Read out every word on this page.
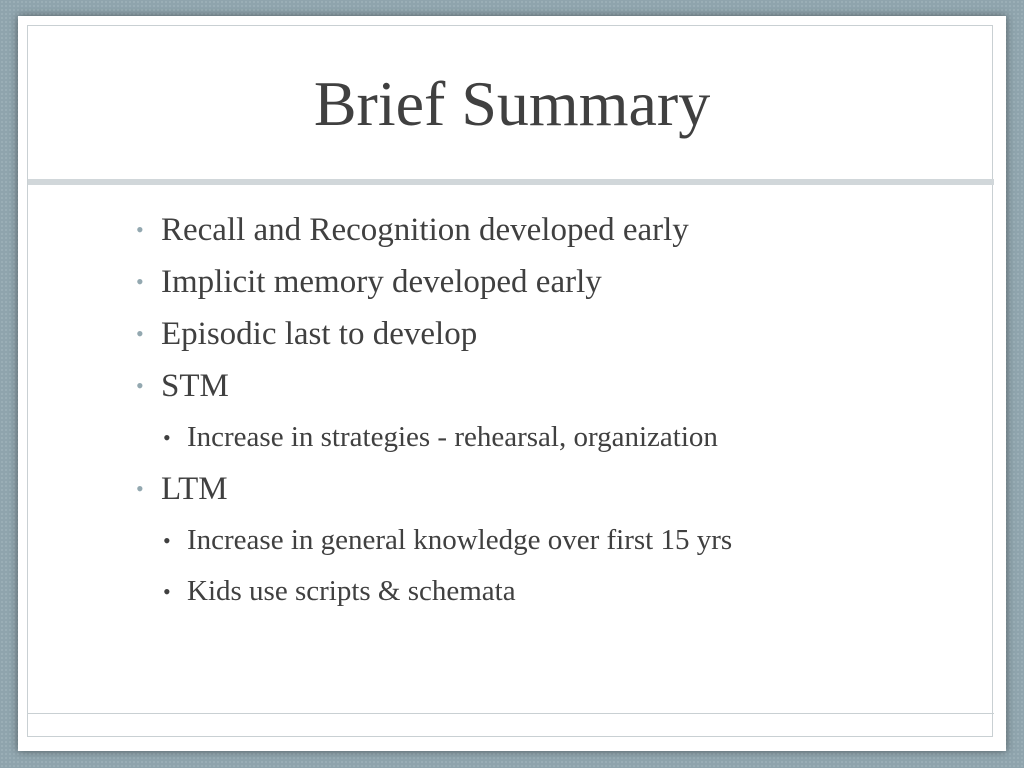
Brief Summary
• Recall and Recognition developed early
• Implicit memory developed early
• Episodic last to develop
• STM
• Increase in strategies - rehearsal, organization
• LTM
• Increase in general knowledge over first 15 yrs
• Kids use scripts & schemata
